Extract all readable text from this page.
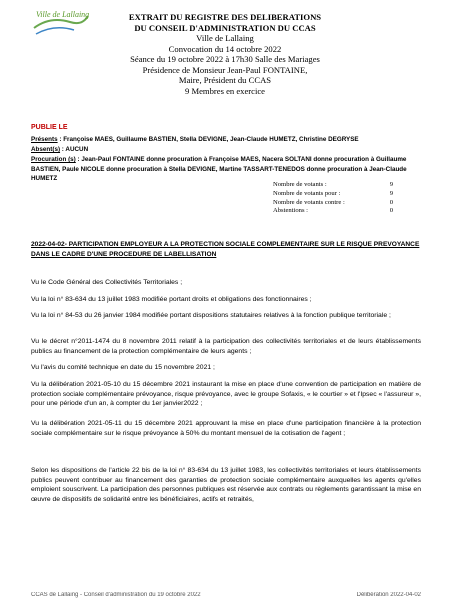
Ville de Lallaing	EXTRAIT DU REGISTRE DES DELIBERATIONS
DU CONSEIL D'ADMINISTRATION DU CCAS
Ville de Lallaing
Convocation du 14 octobre 2022
Séance du 19 octobre 2022 à 17h30 Salle des Mariages
Présidence de Monsieur Jean-Paul FONTAINE,
Maire, Président du CCAS
9 Membres en exercice
PUBLIE LE
Présents : Françoise MAES, Guillaume BASTIEN, Stella DEVIGNE, Jean-Claude HUMETZ, Christine DEGRYSE
Absent(s) : AUCUN
Procuration (s) : Jean-Paul FONTAINE donne procuration à Françoise MAES, Nacera SOLTANI donne procuration à Guillaume BASTIEN, Paule NICOLE donne procuration à Stella DEVIGNE, Martine TASSART-TENEDOS donne procuration à Jean-Claude HUMETZ
Nombre de votants :	9
Nombre de votants pour :	9
Nombre de votants contre :	0
Abstentions :	0
2022-04-02- PARTICIPATION EMPLOYEUR A LA PROTECTION SOCIALE COMPLEMENTAIRE SUR LE RISQUE PREVOYANCE DANS LE CADRE D'UNE PROCEDURE DE LABELLISATION
Vu le Code Général des Collectivités Territoriales ;
Vu la loi n° 83-634 du 13 juillet 1983 modifiée portant droits et obligations des fonctionnaires ;
Vu la loi n° 84-53 du 26 janvier 1984 modifiée portant dispositions statutaires relatives à la fonction publique territoriale ;
Vu le décret n°2011-1474 du 8 novembre 2011 relatif à la participation des collectivités territoriales et de leurs établissements publics au financement de la protection complémentaire de leurs agents ;
Vu l'avis du comité technique en date du 15 novembre 2021 ;
Vu la délibération 2021-05-10 du 15 décembre 2021 instaurant la mise en place d'une convention de participation en matière de protection sociale complémentaire prévoyance, risque prévoyance, avec le groupe Sofaxis, « le courtier » et l'Ipsec « l'assureur », pour une période d'un an, à compter du 1er janvier2022 ;
Vu la délibération 2021-05-11 du 15 décembre 2021 approuvant la mise en place d'une participation financière à la protection sociale complémentaire sur le risque prévoyance à 50% du montant mensuel de la cotisation de l'agent ;
Selon les dispositions de l'article 22 bis de la loi n° 83-634 du 13 juillet 1983, les collectivités territoriales et leurs établissements publics peuvent contribuer au financement des garanties de protection sociale complémentaire auxquelles les agents qu'elles emploient souscrivent. La participation des personnes publiques est réservée aux contrats ou règlements garantissant la mise en œuvre de dispositifs de solidarité entre les bénéficiaires, actifs et retraités,
CCAS de Lallaing - Conseil d'administration du 19 octobre 2022	Délibération 2022-04-02
